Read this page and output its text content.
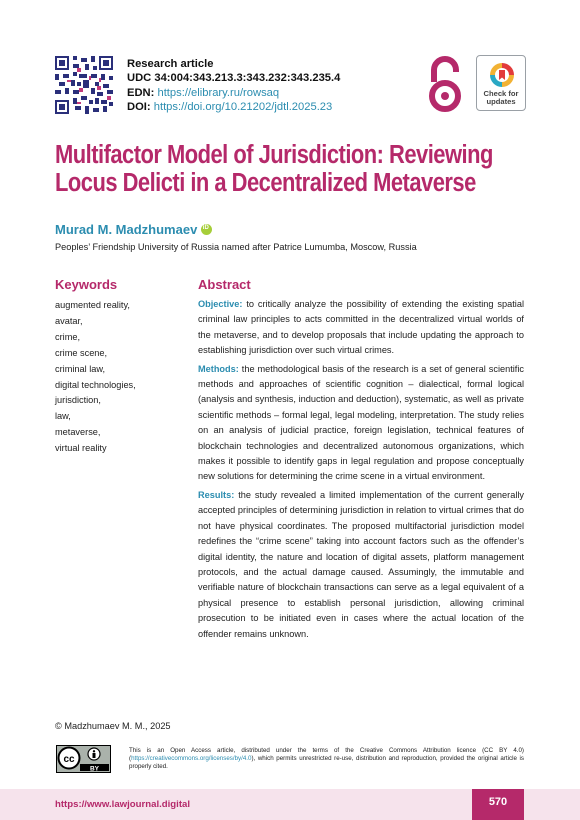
Research article
UDC 34:004:343.213.3:343.232:343.235.4
EDN: https://elibrary.ru/rowsaq
DOI: https://doi.org/10.21202/jdtl.2025.23
Check for
updates
Multifactor Model of Jurisdiction: Reviewing Locus Delicti in a Decentralized Metaverse
Murad M. MadzhumaeviD
Peoples’ Friendship University of Russia named after Patrice Lumumba, Moscow, Russia
Keywords
augmented reality,
avatar,
crime,
crime scene,
criminal law,
digital technologies,
jurisdiction,
law,
metaverse,
virtual reality
Abstract

Objective: to critically analyze the possibility of extending the existing spatial criminal law principles to acts committed in the decentralized virtual worlds of the metaverse, and to develop proposals that include updating the approach to establishing jurisdiction over such virtual crimes.

Methods: the methodological basis of the research is a set of general scientific methods and approaches of scientific cognition – dialectical, formal logical (analysis and synthesis, induction and deduction), systematic, as well as private scientific methods – formal legal, legal modeling, interpretation. The study relies on an analysis of judicial practice, foreign legislation, technical features of blockchain technologies and decentralized autonomous organizations, which makes it possible to identify gaps in legal regulation and propose conceptually new solutions for determining the crime scene in a virtual environment.

Results: the study revealed a limited implementation of the current generally accepted principles of determining jurisdiction in relation to virtual crimes that do not have physical coordinates. The proposed multifactorial jurisdiction model redefines the “crime scene” taking into account factors such as the offender’s digital identity, the nature and location of digital assets, platform management protocols, and the actual damage caused. Assumingly, the immutable and verifiable nature of blockchain transactions can serve as a legal equivalent of a physical presence to establish personal jurisdiction, allowing criminal prosecution to be initiated even in cases where the actual location of the offender remains unknown.

© Madzhumaev M. M., 2025
cc
BY
This is an Open Access article, distributed under the terms of the Creative Commons Attribution licence (CC BY 4.0) (https://creativecommons.org/licenses/by/4.0), which permits unrestricted re-use, distribution and reproduction, provided the original article is properly cited.
https://www.lawjournal.digital	570
